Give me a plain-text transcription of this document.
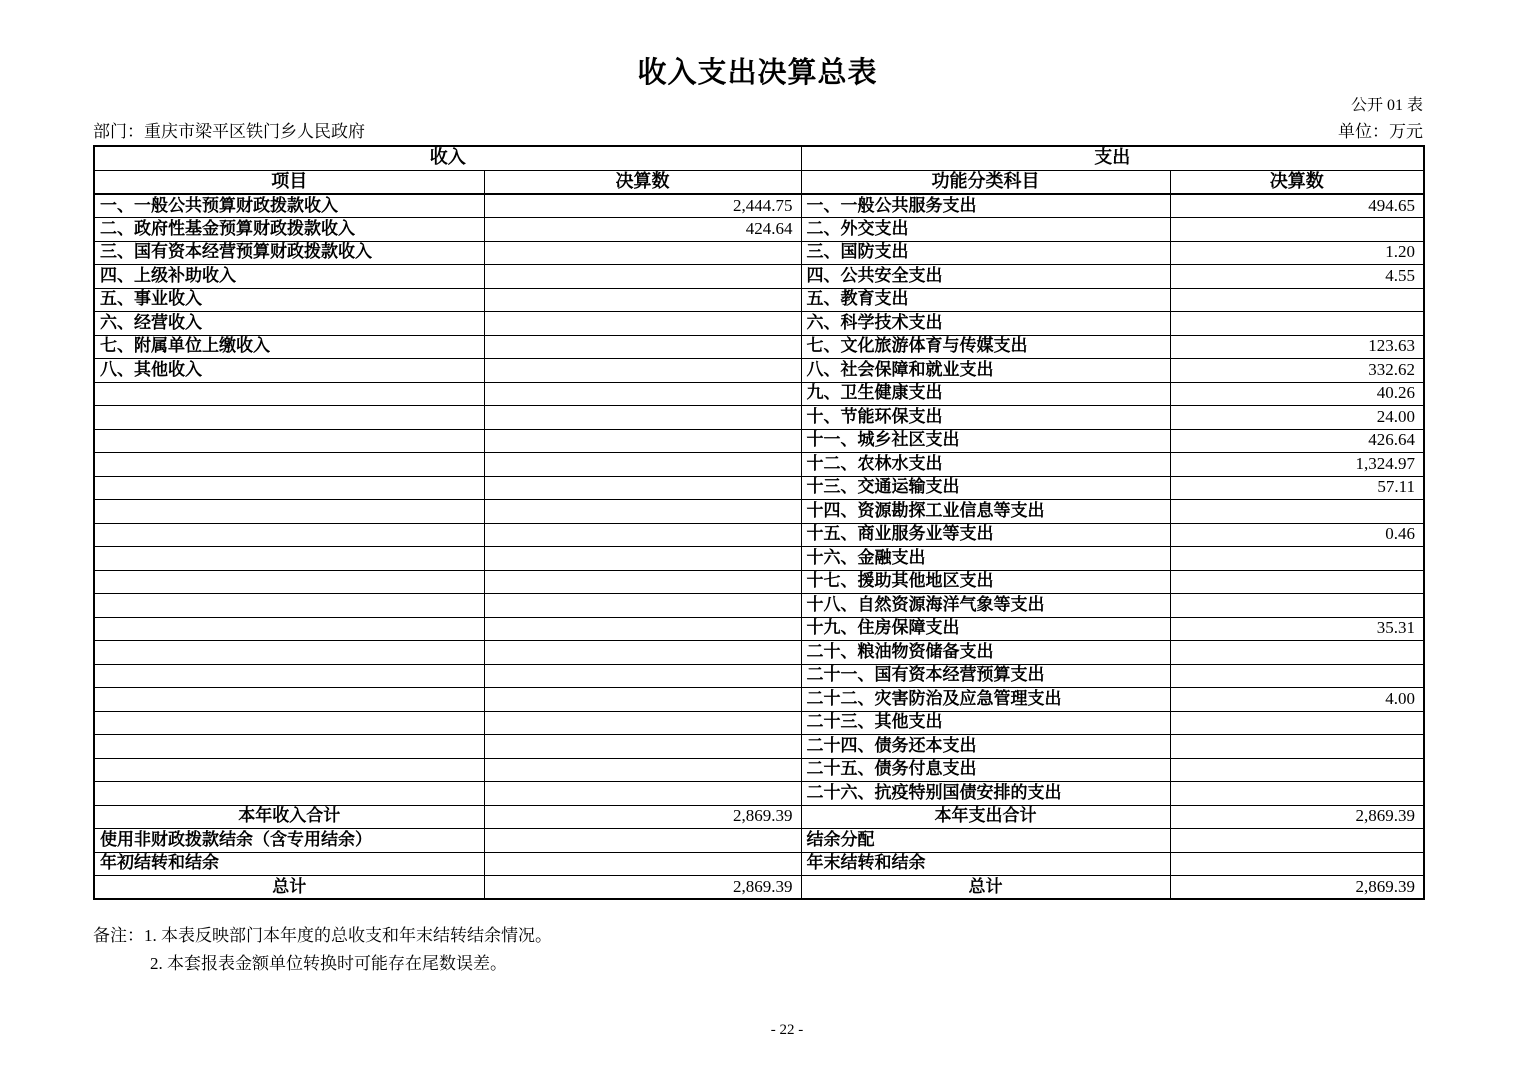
收入支出决算总表
公开 01 表
部门：重庆市梁平区铁门乡人民政府	单位：万元
收入		支出	
项目	决算数	功能分类科目	决算数
一、一般公共预算财政拨款收入	2,444.75	一、一般公共服务支出	494.65
二、政府性基金预算财政拨款收入	424.64	二、外交支出	
三、国有资本经营预算财政拨款收入		三、国防支出	1.20
四、上级补助收入		四、公共安全支出	4.55
五、事业收入		五、教育支出	
六、经营收入		六、科学技术支出	
七、附属单位上缴收入		七、文化旅游体育与传媒支出	123.63
八、其他收入		八、社会保障和就业支出	332.62
		九、卫生健康支出	40.26
		十、节能环保支出	24.00
		十一、城乡社区支出	426.64
		十二、农林水支出	1,324.97
		十三、交通运输支出	57.11
		十四、资源勘探工业信息等支出	
		十五、商业服务业等支出	0.46
		十六、金融支出	
		十七、援助其他地区支出	
		十八、自然资源海洋气象等支出	
		十九、住房保障支出	35.31
		二十、粮油物资储备支出	
		二十一、国有资本经营预算支出	
		二十二、灾害防治及应急管理支出	4.00
		二十三、其他支出	
		二十四、债务还本支出	
		二十五、债务付息支出	
		二十六、抗疫特别国债安排的支出	
本年收入合计	2,869.39	本年支出合计	2,869.39
使用非财政拨款结余（含专用结余）		结余分配	
年初结转和结余		年末结转和结余	
总计	2,869.39	总计	2,869.39
备注：1. 本表反映部门本年度的总收支和年末结转结余情况。
2. 本套报表金额单位转换时可能存在尾数误差。
- 22 -
